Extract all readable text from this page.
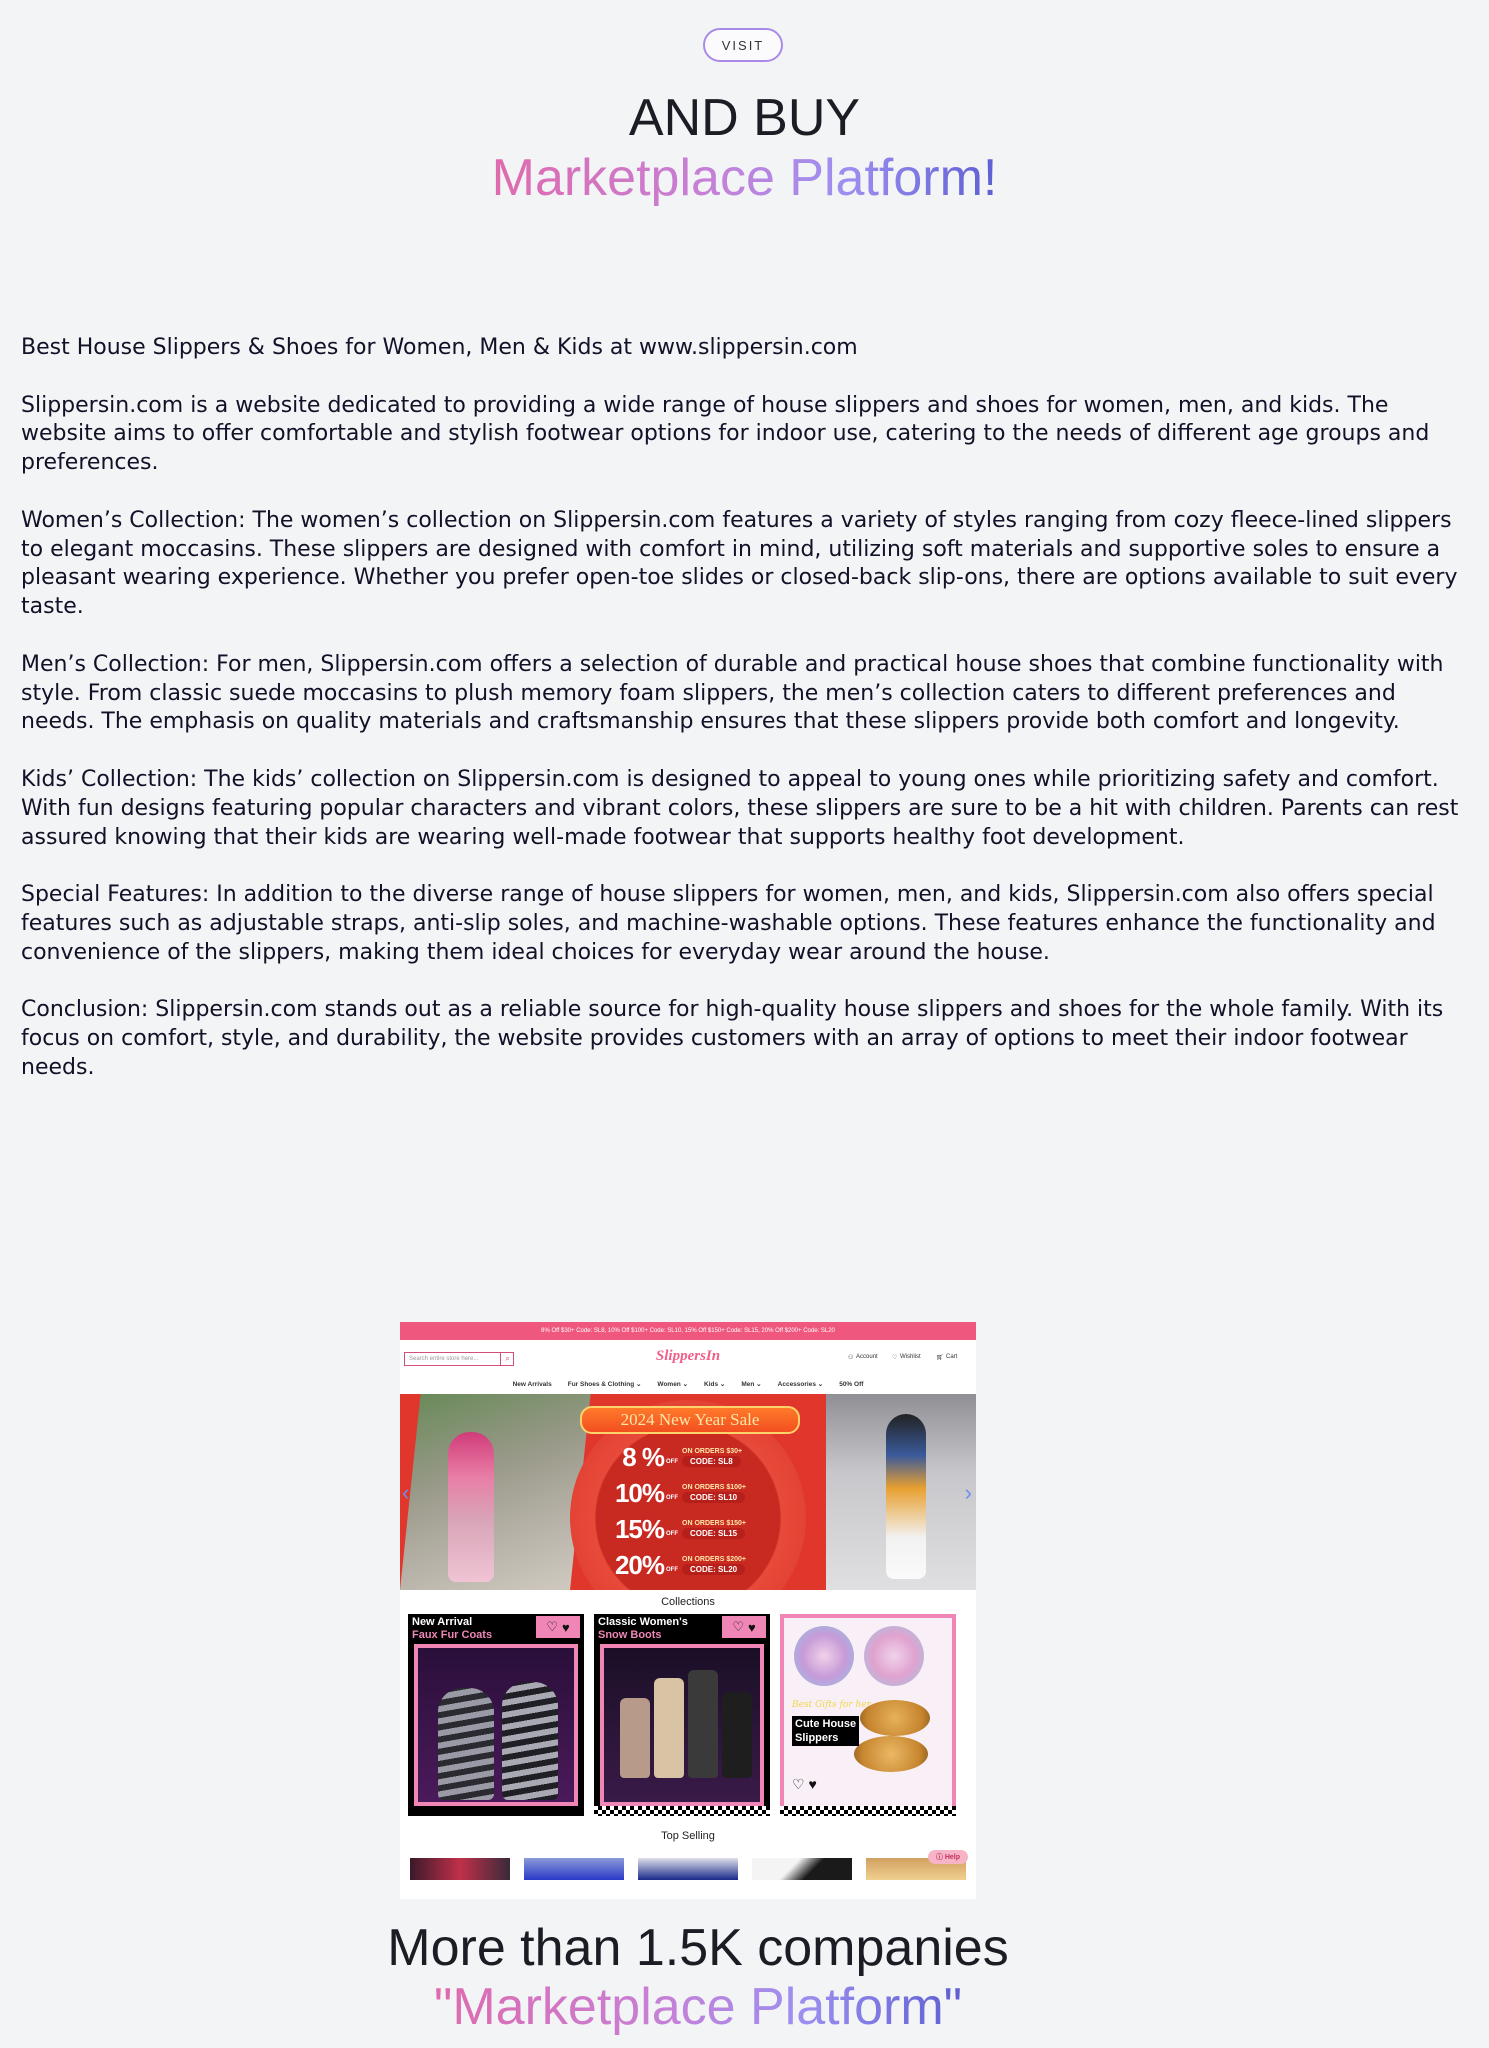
VISIT
AND BUY
Marketplace Platform!

Best House Slippers & Shoes for Women, Men & Kids at www.slippersin.com

Slippersin.com is a website dedicated to providing a wide range of house slippers and shoes for women, men, and kids. The website aims to offer comfortable and stylish footwear options for indoor use, catering to the needs of different age groups and preferences.

Women’s Collection: The women’s collection on Slippersin.com features a variety of styles ranging from cozy fleece-lined slippers to elegant moccasins. These slippers are designed with comfort in mind, utilizing soft materials and supportive soles to ensure a pleasant wearing experience. Whether you prefer open-toe slides or closed-back slip-ons, there are options available to suit every taste.

Men’s Collection: For men, Slippersin.com offers a selection of durable and practical house shoes that combine functionality with style. From classic suede moccasins to plush memory foam slippers, the men’s collection caters to different preferences and needs. The emphasis on quality materials and craftsmanship ensures that these slippers provide both comfort and longevity.

Kids’ Collection: The kids’ collection on Slippersin.com is designed to appeal to young ones while prioritizing safety and comfort. With fun designs featuring popular characters and vibrant colors, these slippers are sure to be a hit with children. Parents can rest assured knowing that their kids are wearing well-made footwear that supports healthy foot development.

Special Features: In addition to the diverse range of house slippers for women, men, and kids, Slippersin.com also offers special features such as adjustable straps, anti-slip soles, and machine-washable options. These features enhance the functionality and convenience of the slippers, making them ideal choices for everyday wear around the house.

Conclusion: Slippersin.com stands out as a reliable source for high-quality house slippers and shoes for the whole family. With its focus on comfort, style, and durability, the website provides customers with an array of options to meet their indoor footwear needs.

8% Off $30+ Code: SL8, 10% Off $100+ Code: SL10, 15% Off $150+ Code: SL15, 20% Off $200+ Code: SL20
Search entire store here...	⌕	SlippersIn	⚇ Account ♡ Wishlist	🛒︎ Cart
New Arrivals Fur Shoes & Clothing ⌄ Women ⌄ Kids ⌄ Men ⌄ Accessories ⌄ 50% Off
2024 New Year Sale
8 % OFF
ON ORDERS $30+
CODE: SL8
10% OFF
ON ORDERS $100+
CODE: SL10
15% OFF
ON ORDERS $150+
CODE: SL15
20% OFF
ON ORDERS $200+
CODE: SL20
‹	›
Collections
New Arrival
Faux Fur Coats
♡ ♥	Classic Women's
Snow Boots
♡ ♥
Best Gifts for her
Cute House
Slippers
♡ ♥
Top Selling
ⓘ Help
More than 1.5K companies
"Marketplace Platform"
